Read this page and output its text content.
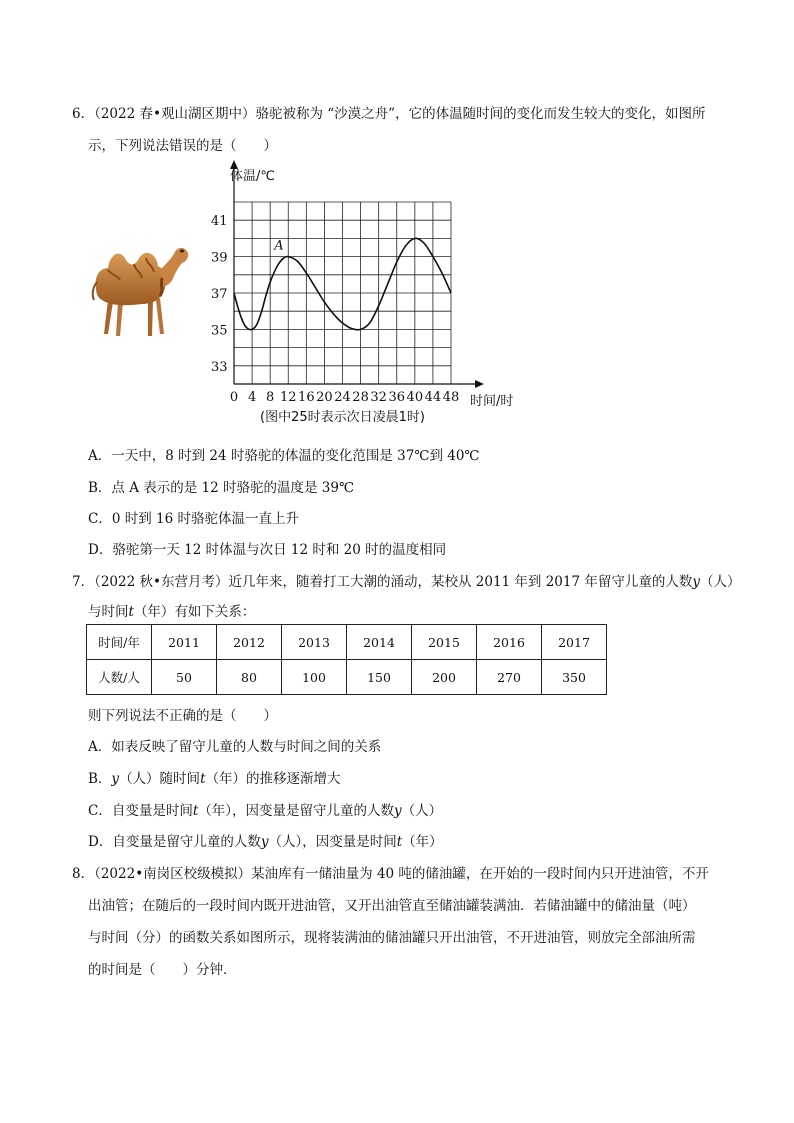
6．（2022 春•观山湖区期中）骆驼被称为 “沙漠之舟”，它的体温随时间的变化而发生较大的变化，如图所
示，下列说法错误的是（　　）
0 4 8 12 16 20 24 28 32 36 40 44 48
33
35
37
39
41
体温/℃
时间/时
(图中25时表示次日凌晨1时)
A
A．一天中，8 时到 24 时骆驼的体温的变化范围是 37℃到 40℃
B．点 A 表示的是 12 时骆驼的温度是 39℃
C．0 时到 16 时骆驼体温一直上升
D．骆驼第一天 12 时体温与次日 12 时和 20 时的温度相同
7．（2022 秋•东营月考）近几年来，随着打工大潮的涌动，某校从 2011 年到 2017 年留守儿童的人数y（人）
与时间t（年）有如下关系：
时间/年	2011	2012	2013	2014	2015	2016	2017
人数/人	50	80	100	150	200	270	350
则下列说法不正确的是（　　）
A．如表反映了留守儿童的人数与时间之间的关系
B．y（人）随时间t（年）的推移逐渐增大
C．自变量是时间t（年），因变量是留守儿童的人数y（人）
D．自变量是留守儿童的人数y（人），因变量是时间t（年）
8．（2022•南岗区校级模拟）某油库有一储油量为 40 吨的储油罐，在开始的一段时间内只开进油管，不开
出油管；在随后的一段时间内既开进油管，又开出油管直至储油罐装满油．若储油罐中的储油量（吨）
与时间（分）的函数关系如图所示，现将装满油的储油罐只开出油管，不开进油管，则放完全部油所需
的时间是（　　）分钟．
